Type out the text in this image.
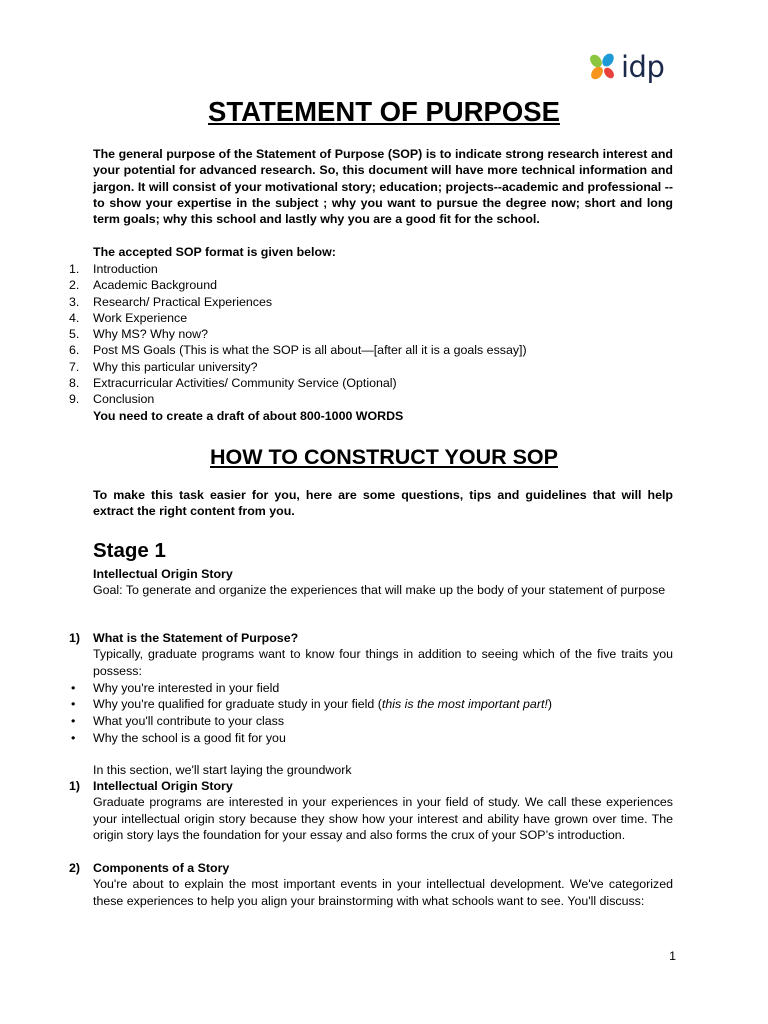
idp
STATEMENT OF PURPOSE

The general purpose of the Statement of Purpose (SOP) is to indicate strong research interest and your potential for advanced research. So, this document will have more technical information and jargon. It will consist of your motivational story; education; projects--academic and professional -- to show your expertise in the subject ; why you want to pursue the degree now; short and long term goals; why this school and lastly why you are a good fit for the school.

The accepted SOP format is given below:

1.	Introduction
2.	Academic Background
3.	Research/ Practical Experiences
4.	Work Experience
5.	Why MS? Why now?
6.	Post MS Goals (This is what the SOP is all about—[after all it is a goals essay])
7.	Why this particular university?
8.	Extracurricular Activities/ Community Service (Optional)
9.	Conclusion

You need to create a draft of about 800-1000 WORDS

HOW TO CONSTRUCT YOUR SOP

To make this task easier for you, here are some questions, tips and guidelines that will help extract the right content from you.

Stage 1

Intellectual Origin Story

Goal: To generate and organize the experiences that will make up the body of your statement of purpose

1) What is the Statement of Purpose?

Typically, graduate programs want to know four things in addition to seeing which of the five traits you possess:

• Why you're interested in your field
• Why you're qualified for graduate study in your field (this is the most important part!)
• What you'll contribute to your class
• Why the school is a good fit for you

In this section, we'll start laying the groundwork

1) Intellectual Origin Story

Graduate programs are interested in your experiences in your field of study. We call these experiences your intellectual origin story because they show how your interest and ability have grown over time. The origin story lays the foundation for your essay and also forms the crux of your SOP’s introduction.

2) Components of a Story

You're about to explain the most important events in your intellectual development. We've categorized these experiences to help you align your brainstorming with what schools want to see. You'll discuss:

1
